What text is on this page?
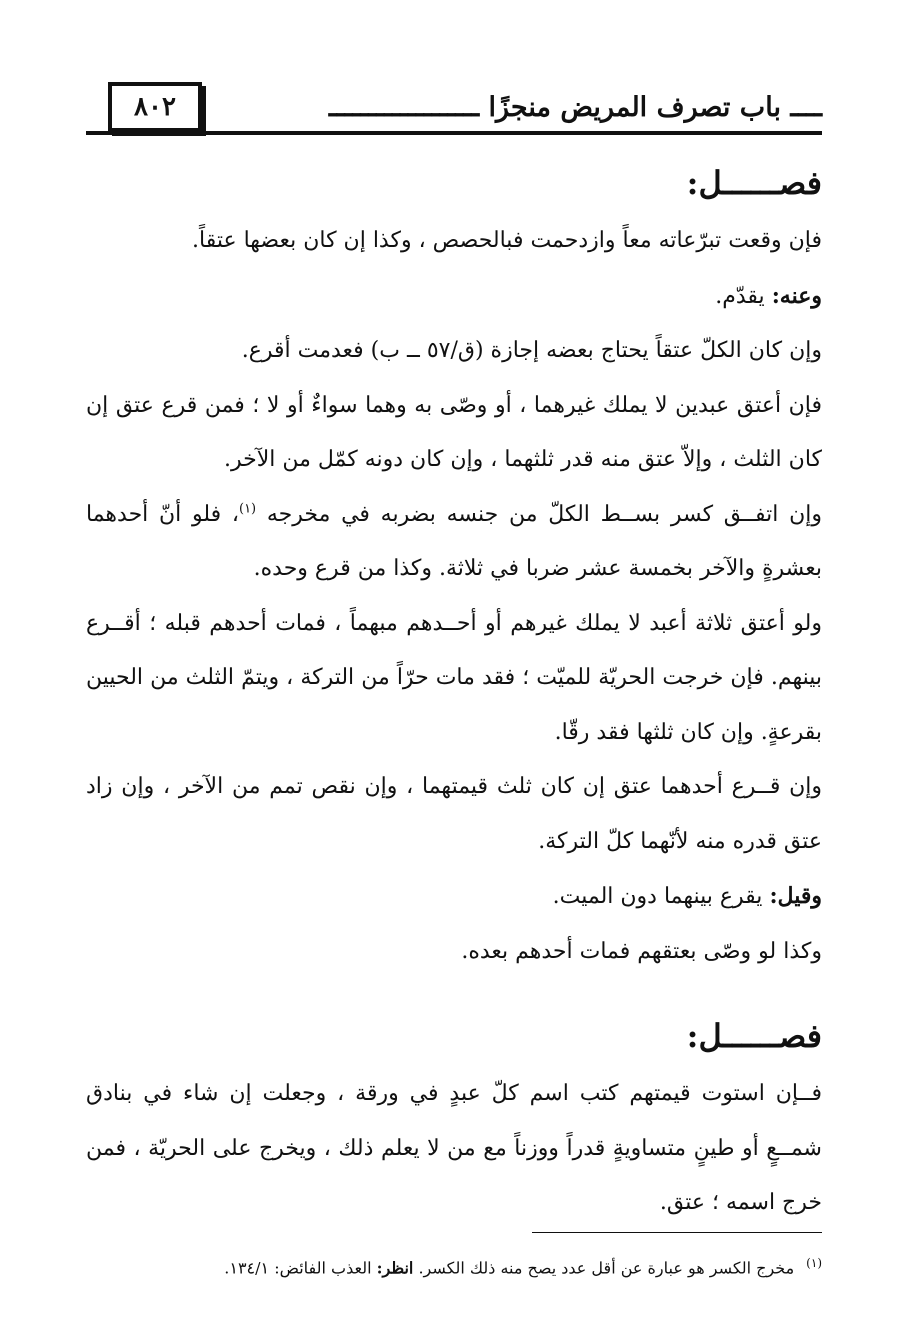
٨٠٢	ــــ باب تصرف المريض منجزًا ـــــــــــــــــــ

فصــــــل:

فإن وقعت تبرّعاته معاً وازدحمت فبالحصص ، وكذا إن كان بعضها عتقاً.

وعنه: يقدّم.

وإن كان الكلّ عتقاً يحتاج بعضه إجازة (ق/٥٧ ــ ب) فعدمت أقرع.

فإن أعتق عبدين لا يملك غيرهما ، أو وصّى به وهما سواءٌ أو لا ؛ فمن قرع عتق إن كان الثلث ، وإلاّ عتق منه قدر ثلثهما ، وإن كان دونه كمّل من الآخر.

وإن اتفــق كسر بســط الكلّ من جنسه بضربه في مخرجه $^{(١)}$، فلو أنّ أحدهما بعشرةٍ والآخر بخمسة عشر ضربا في ثلاثة. وكذا من قرع وحده.

ولو أعتق ثلاثة أعبد لا يملك غيرهم أو أحــدهم مبهماً ، فمات أحدهم قبله ؛ أقــرع بينهم. فإن خرجت الحريّة للميّت ؛ فقد مات حرّاً من التركة ، ويتمّ الثلث من الحيين بقرعةٍ. وإن كان ثلثها فقد رقّا.

وإن قــرع أحدهما عتق إن كان ثلث قيمتهما ، وإن نقص تمم من الآخر ، وإن زاد عتق قدره منه لأنّهما كلّ التركة.

وقيل: يقرع بينهما دون الميت.

وكذا لو وصّى بعتقهم فمات أحدهم بعده.

فصــــــل:

فــإن استوت قيمتهم كتب اسم كلّ عبدٍ في ورقة ، وجعلت إن شاء في بنادق شمــعٍ أو طينٍ متساويةٍ قدراً ووزناً مع من لا يعلم ذلك ، ويخرج على الحريّة ، فمن خرج اسمه ؛ عتق.

$^{(١)}$مخرج الكسر هو عبارة عن أقل عدد يصح منه ذلك الكسر. انظر: العذب الفائض: ١٣٤/١.
